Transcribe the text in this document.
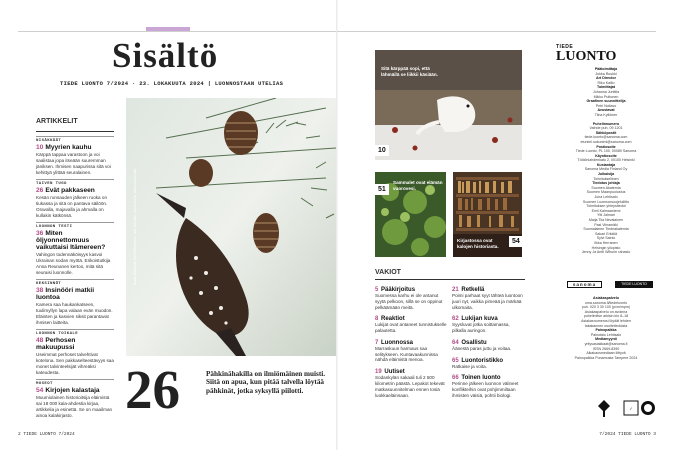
Sisältö
TIEDE LUONTO 7/2024 · 23. LOKAKUUTA 2024 | LUONNOSTAAN UTELIAS
ARTIKKELIT
NISÄKKÄÄT
10 Myyrien kauhu
Kärppä tappaa varastoon ja voi saalistaa jopa itseään suuremman jäniksen. Ihmisen naapurissa sitä voi kehittyä ylittää seuralainen.
TAIVEN TUGO
26 Evät pakkaseen
Kesän runsauden jälkeen ruoka on tiukassa ja sitä on pantava säilöön. Oravalla, majavalla ja ahmalla on kullakin kätkönsä.
LUONNON TESTI
36 Miten öljyonnettomuus vaikuttaisi Itämereen?
Vahingon todennäköisyys kasvoi Ukrainan sodan myötä. Erikoistutkija Anna Reunanen kertoo, mitä sitä seuraisi luonnolle.
KEKSINNÖT
38 Insinööri matkii luontoa
Kamera saa haukankatseen, tuulimyllyn lapa valaan evän muodon. Eläinten ja kasvien siksit parantavat ihmisen laitteita.
LUONNON TOIKALE
48 Perhosen makuupussi
Useimmat perhoset talvehtivat kotelona. Sen pakkaselteestävyys saa monet talvinteelsijät vihreäksi kateudesta.
MUSEOT
54 Kirjojen kalastaja
Muumiolainen historioitsija eläimistä sai 18 000 kala-ahdestia kirjaa, artikkelia ja esinettä. Se on maailman ainoa kalakirjasto.
Kuvat: Bildbyrån Kjell Robertsson, Ivan Holmäki, Jorma Luhta, Markku Luomala
26	Pähkinähakilla on ilmiömäinen muisti. Siitä on apua, kun pitää talvella löytää pähkinät, jotka syksyllä piilotti.
2 TIEDE LUONTO 7/2024
Sitä kärppää sopi, että lähmäilä se liikkii käsiään.
10
Sammalet ovat elämän vuorovesi.
51
Kirjastossa ovat kalojen historiasta.
54
VAKIOT
5 Pääkirjoitus
Suomessa karhu ei ole antanut syytä pelkoon, sillä se on oppinut pelkäämään meitä.
8 Reaktiot
Lukijat ovat antaneet tunnistukselle palautetta.
7 Luonnossa
Marraskuun harmaus saa selitykseen. Kuntavaakunnissa nähdä eläimistä menoa.
19 Uutiset
Sodankylän sakaali tuli 2 500 kilometrin päästä. Lepakot tekevät matkasuunnitelman ennen tosiä luokkaeläinsaan.
21 Retkellä
Poimi parhaat syyt tähteä luontoon juuri nyt, vaikka pimeää ja märkää ulkomaita.
62 Lukijan kuva
Syysluvat jotka soittamassa, pilkalla auringon.
64 Osallistu
Äänestä paras juttu ja voitaa.
65 Luontoristikko
Ratkaise ja voita.
66 Toinen luonto
Perinne jälkeen luonnon välineet konflikteihin ovat pohjimmiltaan ihmisten väisiä, pohtii biologi.
TIEDE
LUONTO
Päätoimittaja
Jukka Ruukki
Art Director
Riku Kallio
Toimittajat
Johanna Junttila
Mikko Puttonen
Graafinen suunnittelija
Petri Noitavo
Avustavat
Tiina Kyllönen
Puhelinnumero
Vaihde puh. 09 1201
Sähköpostit
tiede.luonto@sanoma.com
etunimi.sukunimi@sanoma.com
Postiosoite
Tiede Luonto, PL 100, 00089 Sanoma
Käyntiosoite
Töölönlahdenkatu 2, 00100 Helsinki
Kustantaja
Sanoma Media Finland Oy
Julkaisija
Toimituksellinen
Tiedotus johtaja
Suomen Akatemia
Suomen Maanpuolustus
Juha Lehtisalo
Suomen Luonnonsuojeluliitto
Toimituksen yhteystiedot
Emil Kalmaaniemi
Ytti Jalmari
Maija Tiia Nevalainen
Pasi Viinamäki
Suomalainen Tiedeakatemia
Sakari Erkkilä
Sylvi Sainio
Ilkka Herranen
Helsingin yliopisto
Jenny Ja Antti Wihurin rahasto
sanoma	TIEDE LUONTO
Asiakaspalvelu
oma.sanoma.fi/tiedeluonto
puh. 020 3 30 100 (pvm/mpm)
Asiakaspalvelu on avoinna
puhelimitse arkisin klo 8–18
Asiakasnumerosi löydät lehden
takakannen osoitetiedoista
Painopaikka
Painotalo Lehtisalo
Mediamyynti
yritysasiakkaat@sanoma.fi
ISSN 2669-8390
Aikakausmediaan liittyvä
Painopaikka Punamusta Tampere 2024
✓
7/2024 TIEDE LUONTO 3
